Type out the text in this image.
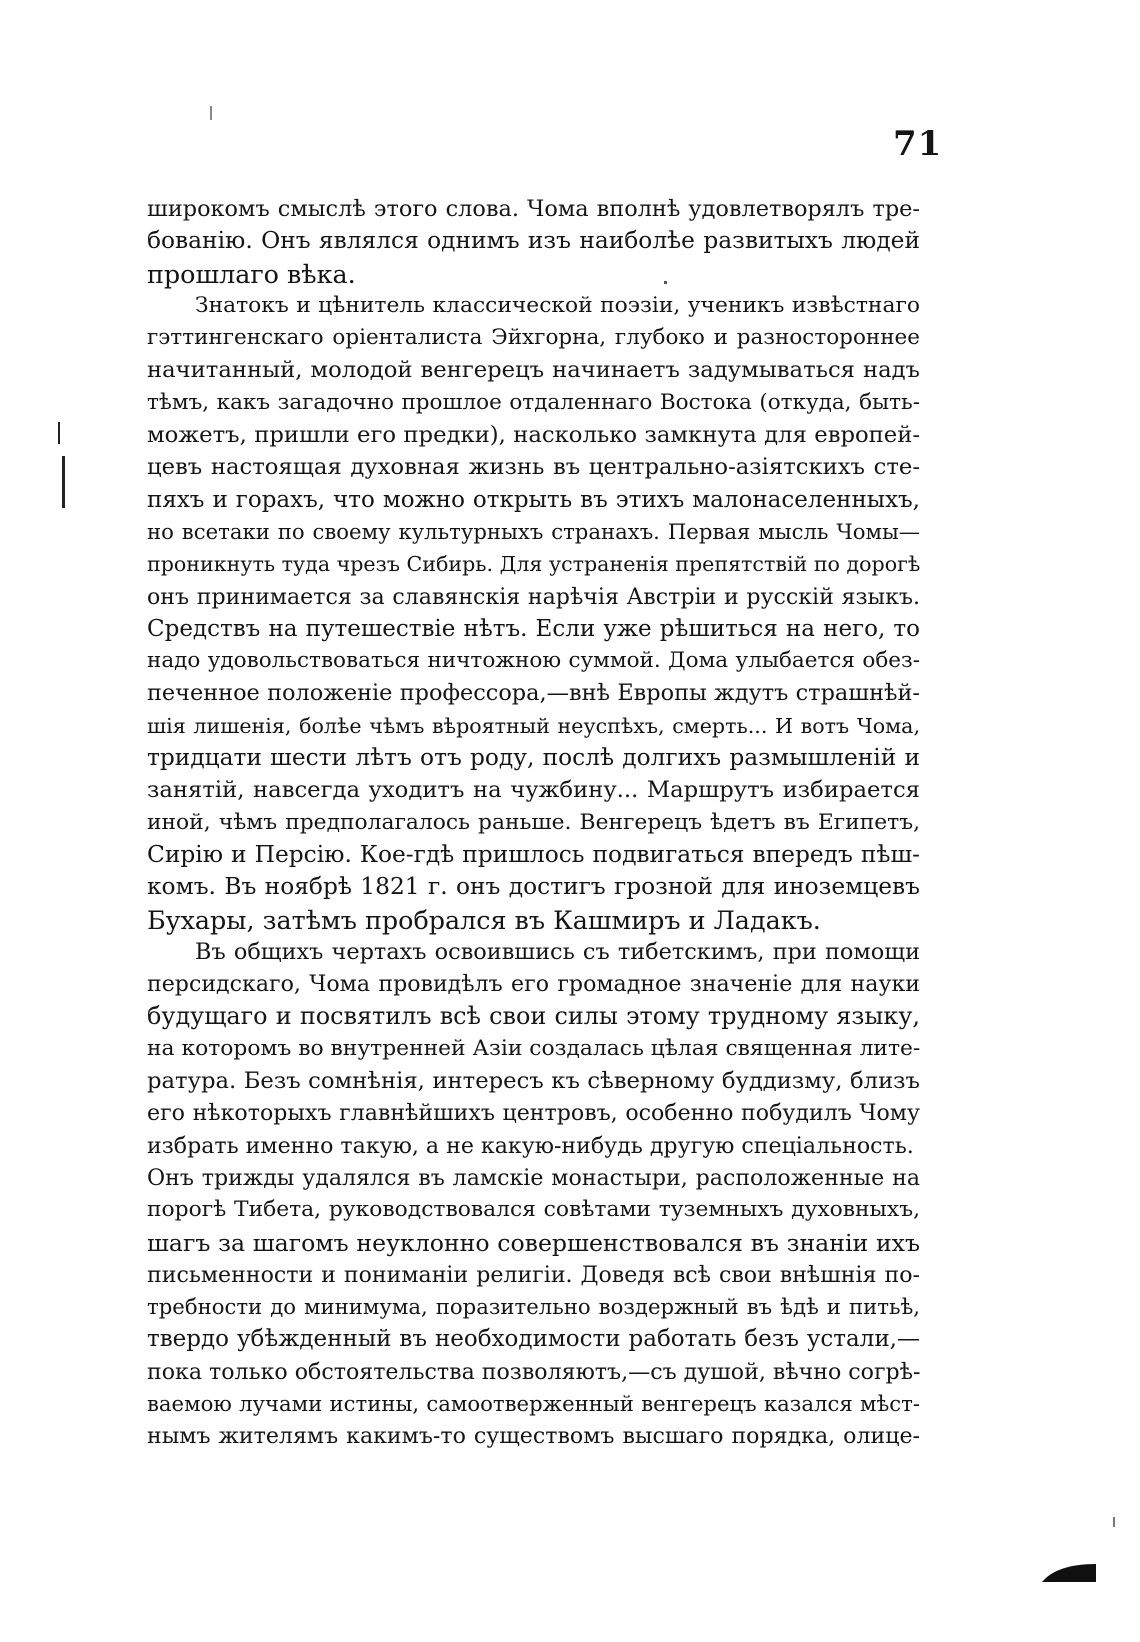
71
широкомъ смыслѣ этого слова. Чома вполнѣ удовлетворялъ тре-
бованію. Онъ являлся однимъ изъ наиболѣе развитыхъ людей
прошлаго вѣка.
Знатокъ и цѣнитель классической поэзіи, ученикъ извѣстнаго
гэттингенскаго оріенталиста Эйхгорна, глубоко и разностороннее
начитанный, молодой венгерецъ начинаетъ задумываться надъ
тѣмъ, какъ загадочно прошлое отдаленнаго Востока (откуда, быть-
можетъ, пришли его предки), насколько замкнута для европей-
цевъ настоящая духовная жизнь въ центрально-азіятскихъ сте-
пяхъ и горахъ, что можно открыть въ этихъ малонаселенныхъ,
но всетаки по своему культурныхъ странахъ. Первая мысль Чомы—
проникнуть туда чрезъ Сибирь. Для устраненія препятствій по дорогѣ
онъ принимается за славянскія нарѣчія Австріи и русскій языкъ.
Средствъ на путешествіе нѣтъ. Если уже рѣшиться на него, то
надо удовольствоваться ничтожною суммой. Дома улыбается обез-
печенное положеніе профессора,—внѣ Европы ждутъ страшнѣй-
шія лишенія, болѣе чѣмъ вѣроятный неуспѣхъ, смерть... И вотъ Чома,
тридцати шести лѣтъ отъ роду, послѣ долгихъ размышленій и
занятій, навсегда уходитъ на чужбину... Маршрутъ избирается
иной, чѣмъ предполагалось раньше. Венгерецъ ѣдетъ въ Египетъ,
Сирію и Персію. Кое-гдѣ пришлось подвигаться впередъ пѣш-
комъ. Въ ноябрѣ 1821 г. онъ достигъ грозной для иноземцевъ
Бухары, затѣмъ пробрался въ Кашмиръ и Ладакъ.
Въ общихъ чертахъ освоившись съ тибетскимъ, при помощи
персидскаго, Чома провидѣлъ его громадное значеніе для науки
будущаго и посвятилъ всѣ свои силы этому трудному языку,
на которомъ во внутренней Азіи создалась цѣлая священная лите-
ратура. Безъ сомнѣнія, интересъ къ сѣверному буддизму, близъ
его нѣкоторыхъ главнѣйшихъ центровъ, особенно побудилъ Чому
избрать именно такую, а не какую-нибудь другую спеціальность.
Онъ трижды удалялся въ ламскіе монастыри, расположенные на
порогѣ Тибета, руководствовался совѣтами туземныхъ духовныхъ,
шагъ за шагомъ неуклонно совершенствовался въ знаніи ихъ
письменности и пониманіи религіи. Доведя всѣ свои внѣшнія по-
требности до минимума, поразительно воздержный въ ѣдѣ и питьѣ,
твердо убѣжденный въ необходимости работать безъ устали,—
пока только обстоятельства позволяютъ,—съ душой, вѣчно согрѣ-
ваемою лучами истины, самоотверженный венгерецъ казался мѣст-
нымъ жителямъ какимъ-то существомъ высшаго порядка, олице-
